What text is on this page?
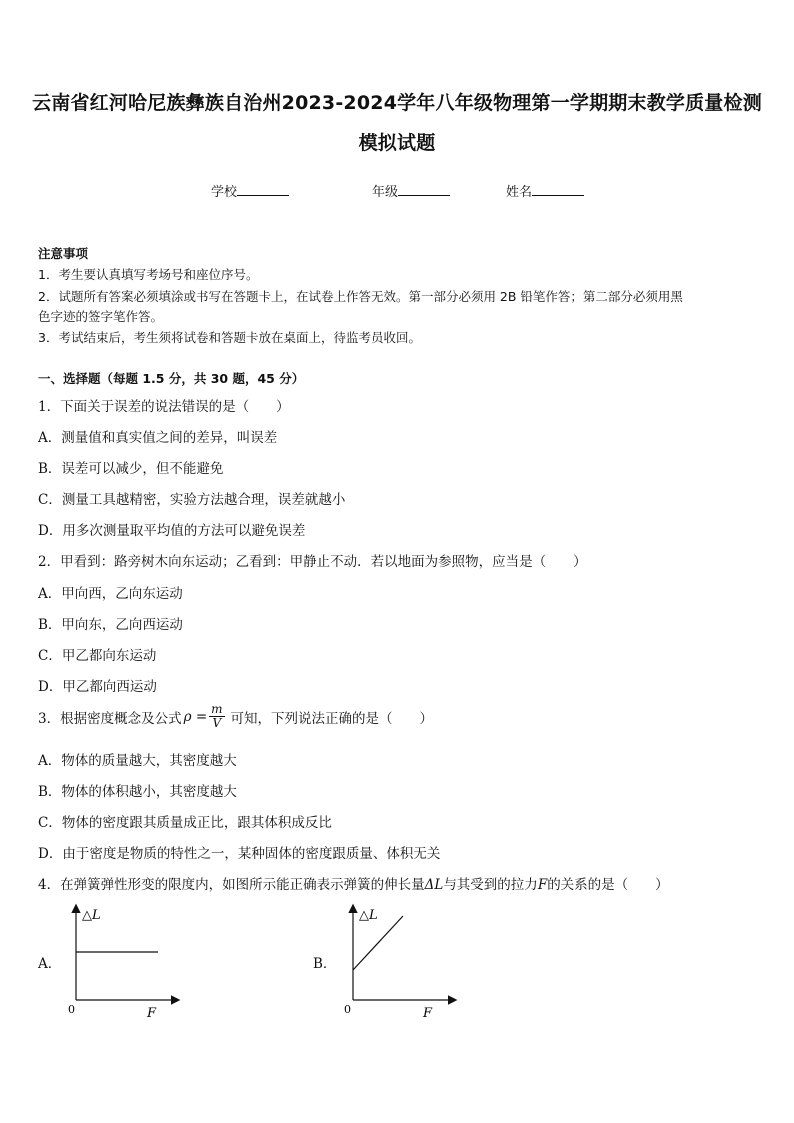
云南省红河哈尼族彝族自治州2023-2024学年八年级物理第一学期期末教学质量检测
模拟试题
学校	年级	姓名
注意事项
1．考生要认真填写考场号和座位序号。
2．试题所有答案必须填涂或书写在答题卡上，在试卷上作答无效。第一部分必须用 2B 铅笔作答；第二部分必须用黑
色字迹的签字笔作答。
3．考试结束后，考生须将试卷和答题卡放在桌面上，待监考员收回。
一、选择题（每题 1.5 分，共 30 题，45 分）
1．下面关于误差的说法错误的是（　　）
A．测量值和真实值之间的差异，叫误差
B．误差可以减少，但不能避免
C．测量工具越精密，实验方法越合理，误差就越小
D．用多次测量取平均值的方法可以避免误差
2．甲看到：路旁树木向东运动；乙看到：甲静止不动．若以地面为参照物，应当是（　　）
A．甲向西，乙向东运动
B．甲向东，乙向西运动
C．甲乙都向东运动
D．甲乙都向西运动
3．根据密度概念及公式 $\rho = \frac{m}{V}$ 可知，下列说法正确的是（　　）
A．物体的质量越大，其密度越大
B．物体的体积越小，其密度越大
C．物体的密度跟其质量成正比，跟其体积成反比
D．由于密度是物质的特性之一，某种固体的密度跟质量、体积无关
4．在弹簧弹性形变的限度内，如图所示能正确表示弹簧的伸长量ΔL与其受到的拉力F的关系的是（　　）
A．	B．
△L
0	F
△L
0	F
